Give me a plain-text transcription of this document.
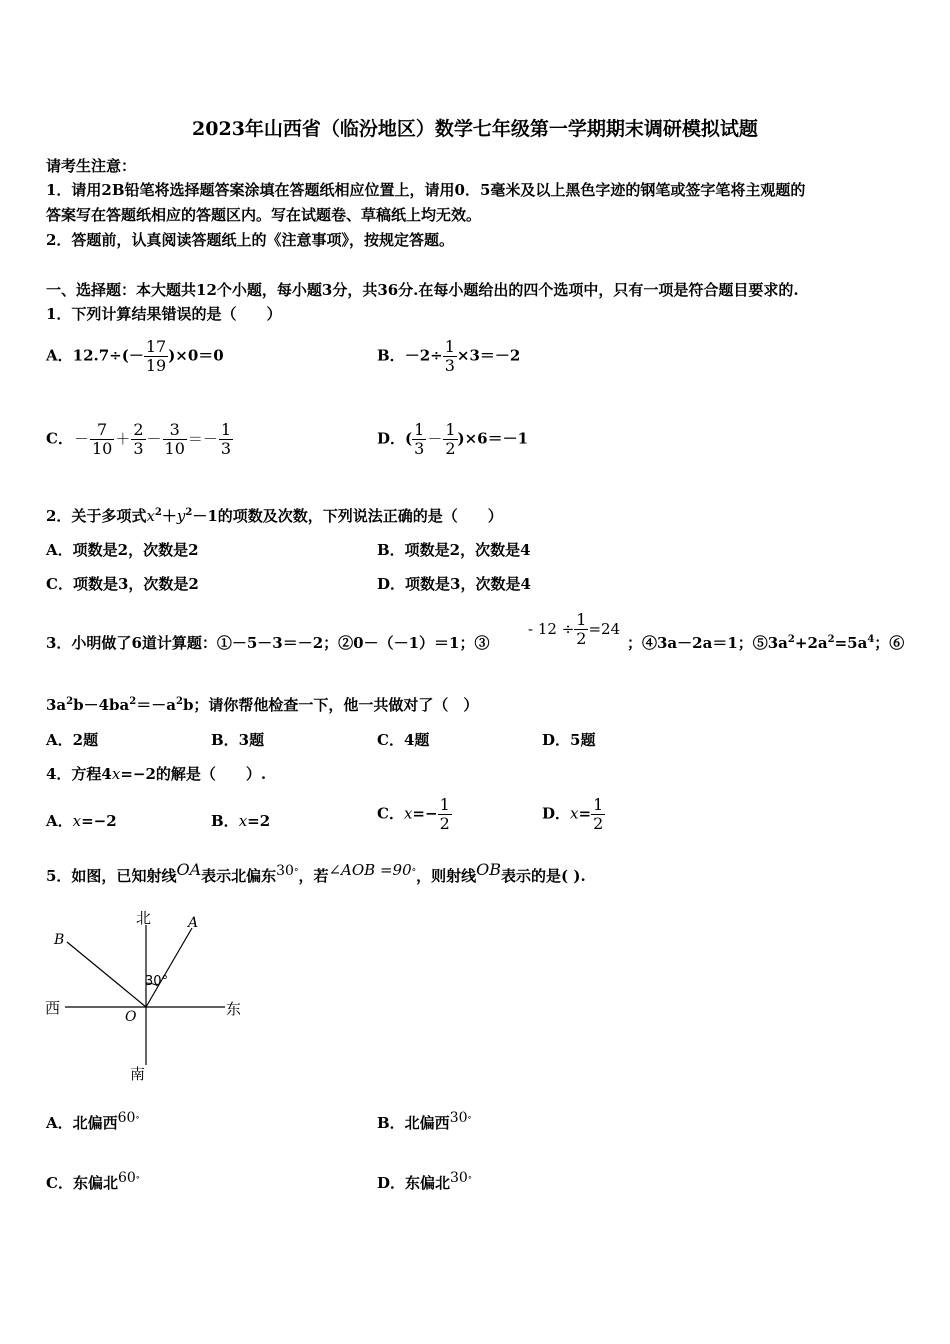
2023年山西省（临汾地区）数学七年级第一学期期末调研模拟试题
请考生注意：
1．请用2B铅笔将选择题答案涂填在答题纸相应位置上，请用0．5毫米及以上黑色字迹的钢笔或签字笔将主观题的
答案写在答题纸相应的答题区内。写在试题卷、草稿纸上均无效。
2．答题前，认真阅读答题纸上的《注意事项》，按规定答题。
一、选择题：本大题共12个小题，每小题3分，共36分.在每小题给出的四个选项中，只有一项是符合题目要求的.
1．下列计算结果错误的是（　　）
A．$12.7\div(- \frac{17}{19} )\times 0=0$	B．$-2\div \frac{1}{3} \times 3=-2$
C．－ $\frac{7}{10} + \frac{2}{3} - \frac{3}{10} =- \frac{1}{3}$	D．( $\frac{1}{3} - \frac{1}{2} )\times 6=-1$
2．关于多项式$x^2+y^2-1$的项数及次数，下列说法正确的是（　　）
A．项数是2，次数是2	B．项数是2，次数是4
C．项数是3，次数是2	D．项数是3，次数是4
3．小明做了6道计算题：①－5－3＝－2；②0－（－1）＝1；③
- $12 \div \frac{1}{2} =24$
；④3a－2a＝1；$⑤3a^2+2a^2=5a^4$；⑥
$3a^2b-4ba^2=-a^2b$；请你帮他检查一下，他一共做对了（　）
A．2题	B．3题	C．4题	D．5题
4．方程4x=−2的解是（　　）.
A．x=−2	B．x=2	C．$x=- \frac{1}{2}$	D．$x= \frac{1}{2}$
5．如图，已知射线OA表示北偏东30°，若∠AOB =90°，则射线OB表示的是( ).
北
南
西	东
A
B
O
30°
A．北偏西60°	B．北偏西30°
C．东偏北60°	D．东偏北30°
